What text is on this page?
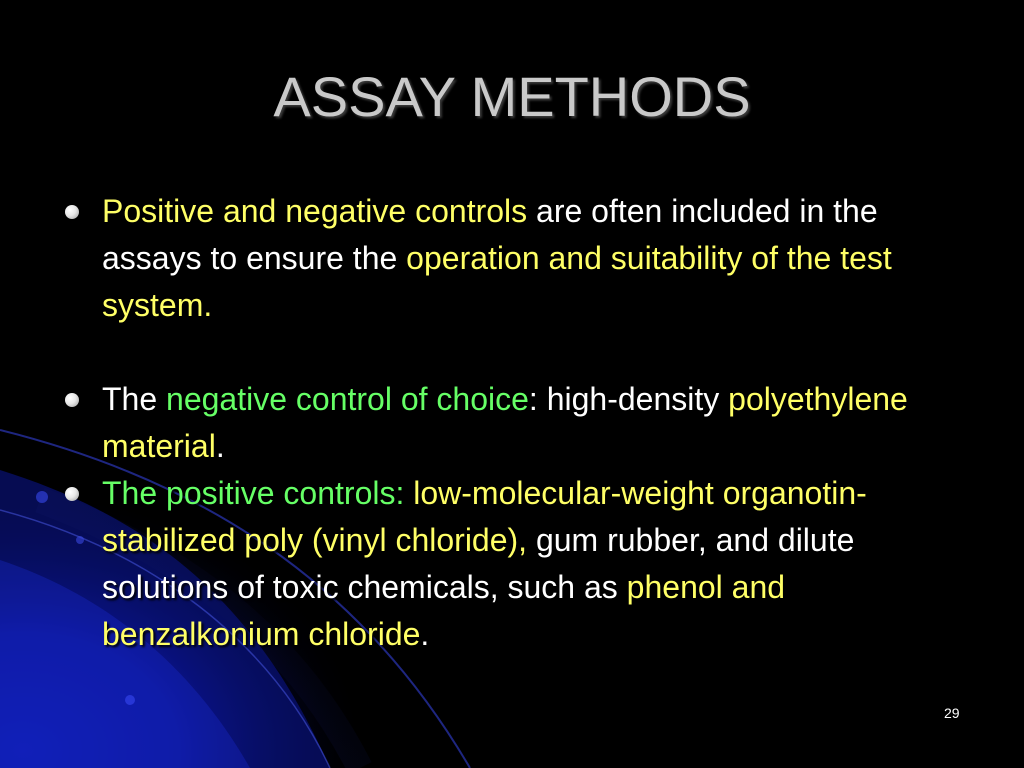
ASSAY METHODS
Positive and negative controls are often included in the assays to ensure the operation and suitability of the test system.
The negative control of choice: high-density polyethylene material.
The positive controls: low-molecular-weight organotin-stabilized poly (vinyl chloride), gum rubber, and dilute solutions of toxic chemicals, such as phenol and benzalkonium chloride.
29
